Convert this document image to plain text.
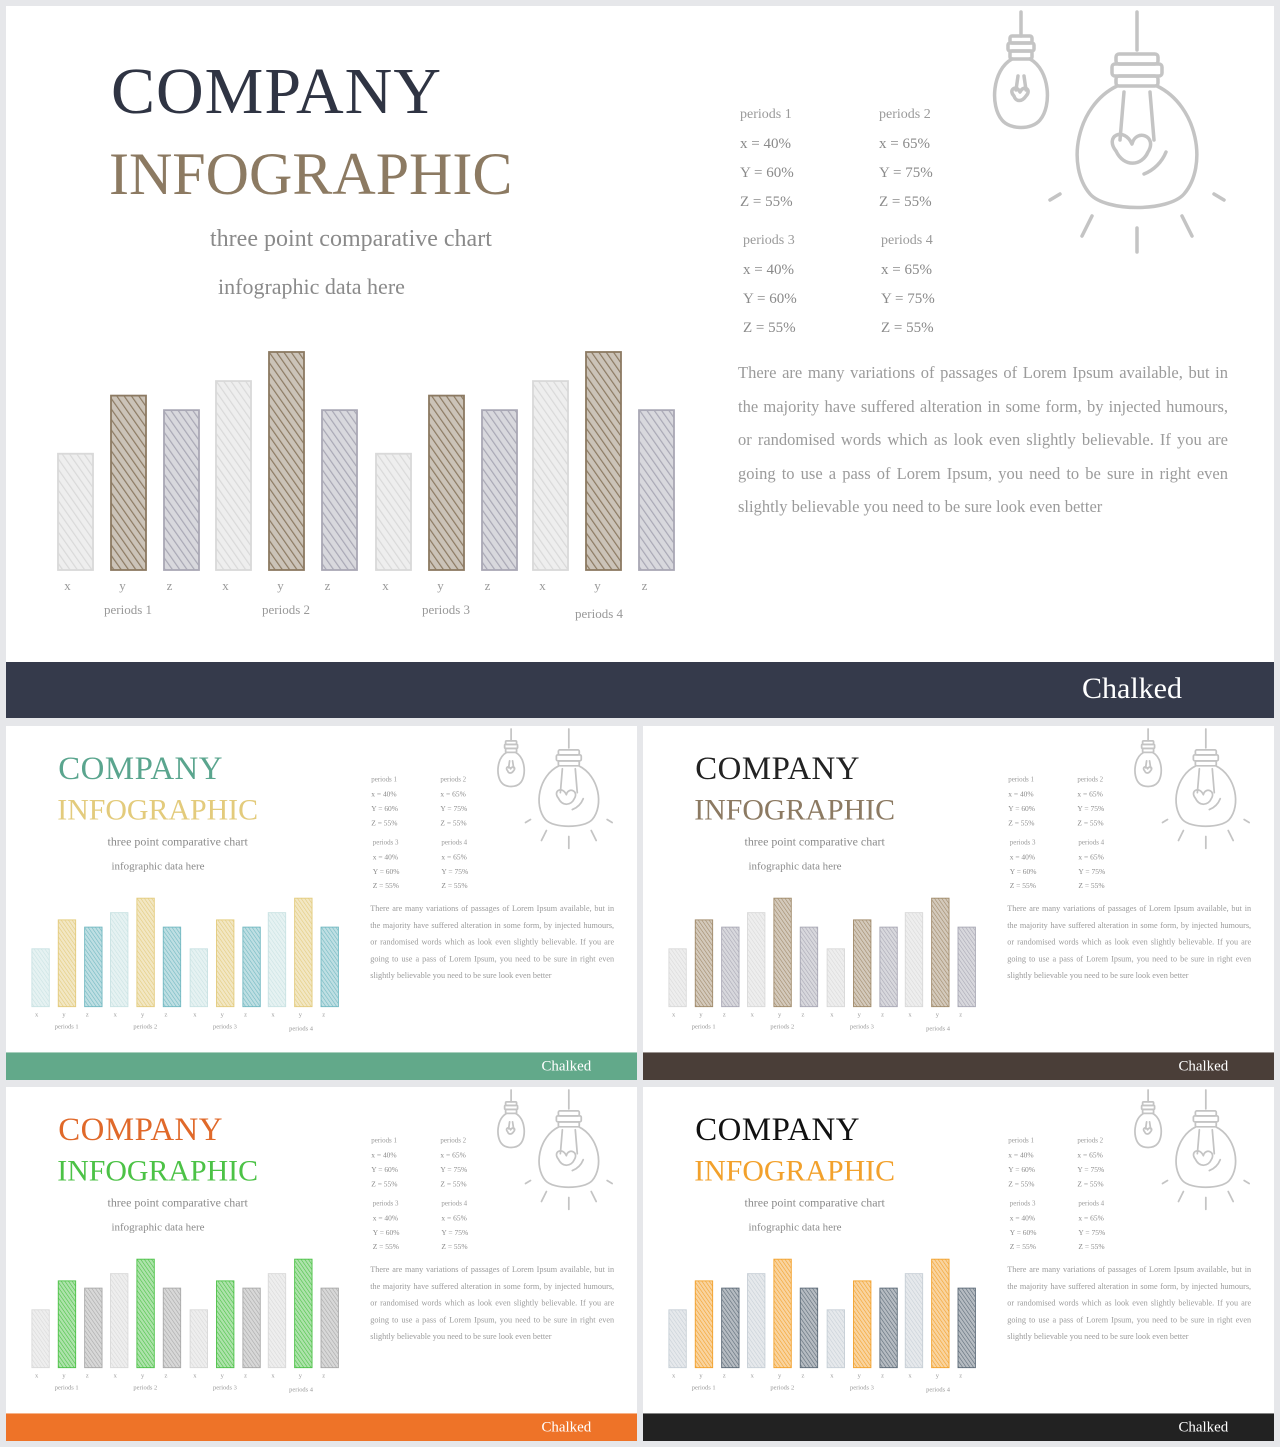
COMPANY
INFOGRAPHIC
three point comparative chart
infographic data here
x	y	z
periods 1
x	y	z
periods 2
x	y	z
periods 3
x	y	z
periods 4
periods 1
x = 40%
Y = 60%
Z = 55%
periods 2
x = 65%
Y = 75%
Z = 55%
periods 3
x = 40%
Y = 60%
Z = 55%
periods 4
x = 65%
Y = 75%
Z = 55%
There are many variations of passages of Lorem Ipsum available, but in the majority have suffered alteration in some form, by injected humours, or randomised words which as look even slightly believable. If you are going to use a pass of Lorem Ipsum, you need to be sure in right even slightly believable you need to be sure look even better
Chalked
COMPANY
INFOGRAPHIC
three point comparative chart
infographic data here
x y z
periods 1
x y z
periods 2
x y z
periods 3
x y z
periods 4
periods 1
x = 40%
Y = 60%
Z = 55%
periods 2
x = 65%
Y = 75%
Z = 55%
periods 3
x = 40%
Y = 60%
Z = 55%
periods 4
x = 65%
Y = 75%
Z = 55%
There are many variations of passages of Lorem Ipsum available, but in the majority have suffered alteration in some form, by injected humours, or randomised words which as look even slightly believable. If you are going to use a pass of Lorem Ipsum, you need to be sure in right even slightly believable you need to be sure look even better
Chalked
COMPANY
INFOGRAPHIC
three point comparative chart
infographic data here
x y z
periods 1
x y z
periods 2
x y z
periods 3
x y z
periods 4
periods 1
x = 40%
Y = 60%
Z = 55%
periods 2
x = 65%
Y = 75%
Z = 55%
periods 3
x = 40%
Y = 60%
Z = 55%
periods 4
x = 65%
Y = 75%
Z = 55%
There are many variations of passages of Lorem Ipsum available, but in the majority have suffered alteration in some form, by injected humours, or randomised words which as look even slightly believable. If you are going to use a pass of Lorem Ipsum, you need to be sure in right even slightly believable you need to be sure look even better
Chalked
COMPANY
INFOGRAPHIC
three point comparative chart
infographic data here
x y z
periods 1
x y z
periods 2
x y z
periods 3
x y z
periods 4
periods 1
x = 40%
Y = 60%
Z = 55%
periods 2
x = 65%
Y = 75%
Z = 55%
periods 3
x = 40%
Y = 60%
Z = 55%
periods 4
x = 65%
Y = 75%
Z = 55%
There are many variations of passages of Lorem Ipsum available, but in the majority have suffered alteration in some form, by injected humours, or randomised words which as look even slightly believable. If you are going to use a pass of Lorem Ipsum, you need to be sure in right even slightly believable you need to be sure look even better
Chalked
COMPANY
INFOGRAPHIC
three point comparative chart
infographic data here
x y z
periods 1
x y z
periods 2
x y z
periods 3
x y z
periods 4
periods 1
x = 40%
Y = 60%
Z = 55%
periods 2
x = 65%
Y = 75%
Z = 55%
periods 3
x = 40%
Y = 60%
Z = 55%
periods 4
x = 65%
Y = 75%
Z = 55%
There are many variations of passages of Lorem Ipsum available, but in the majority have suffered alteration in some form, by injected humours, or randomised words which as look even slightly believable. If you are going to use a pass of Lorem Ipsum, you need to be sure in right even slightly believable you need to be sure look even better
Chalked
